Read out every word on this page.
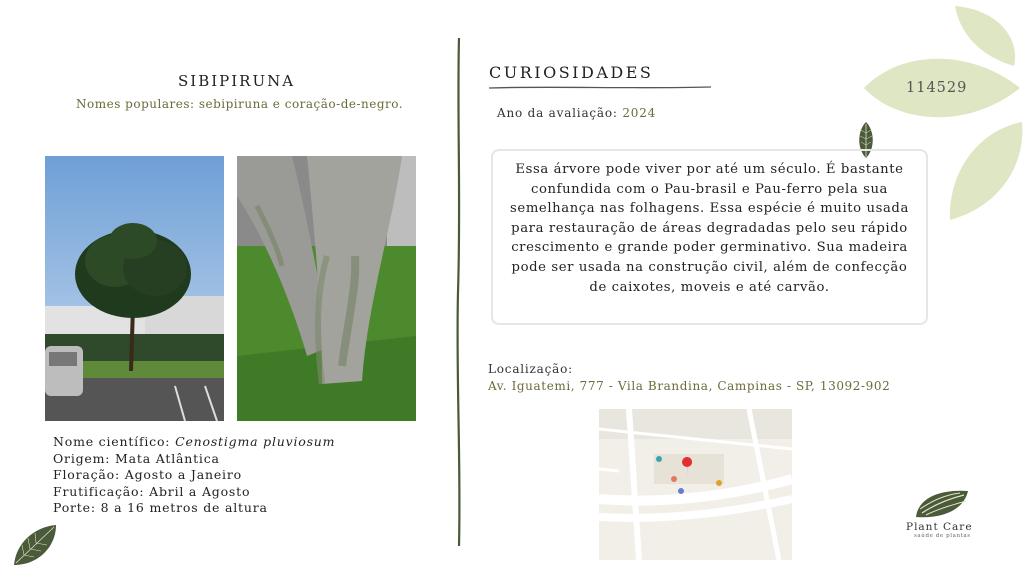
114529
SIBIPIRUNA
Nomes populares: sebipiruna e coração-de-negro.
Nome científico: Cenostigma pluviosum
Origem: Mata Atlântica
Floração: Agosto a Janeiro
Frutificação: Abril a Agosto
Porte: 8 a 16 metros de altura
CURIOSIDADES
Ano da avaliação: 2024

Essa árvore pode viver por até um século. É bastante confundida com o Pau-brasil e Pau-ferro pela sua semelhança nas folhagens. Essa espécie é muito usada para restauração de áreas degradadas pelo seu rápido crescimento e grande poder germinativo. Sua madeira pode ser usada na construção civil, além de confecção de caixotes, moveis e até carvão.

Localização:
Av. Iguatemi, 777 - Vila Brandina, Campinas - SP, 13092-902
Plant Care
saúde de plantas
